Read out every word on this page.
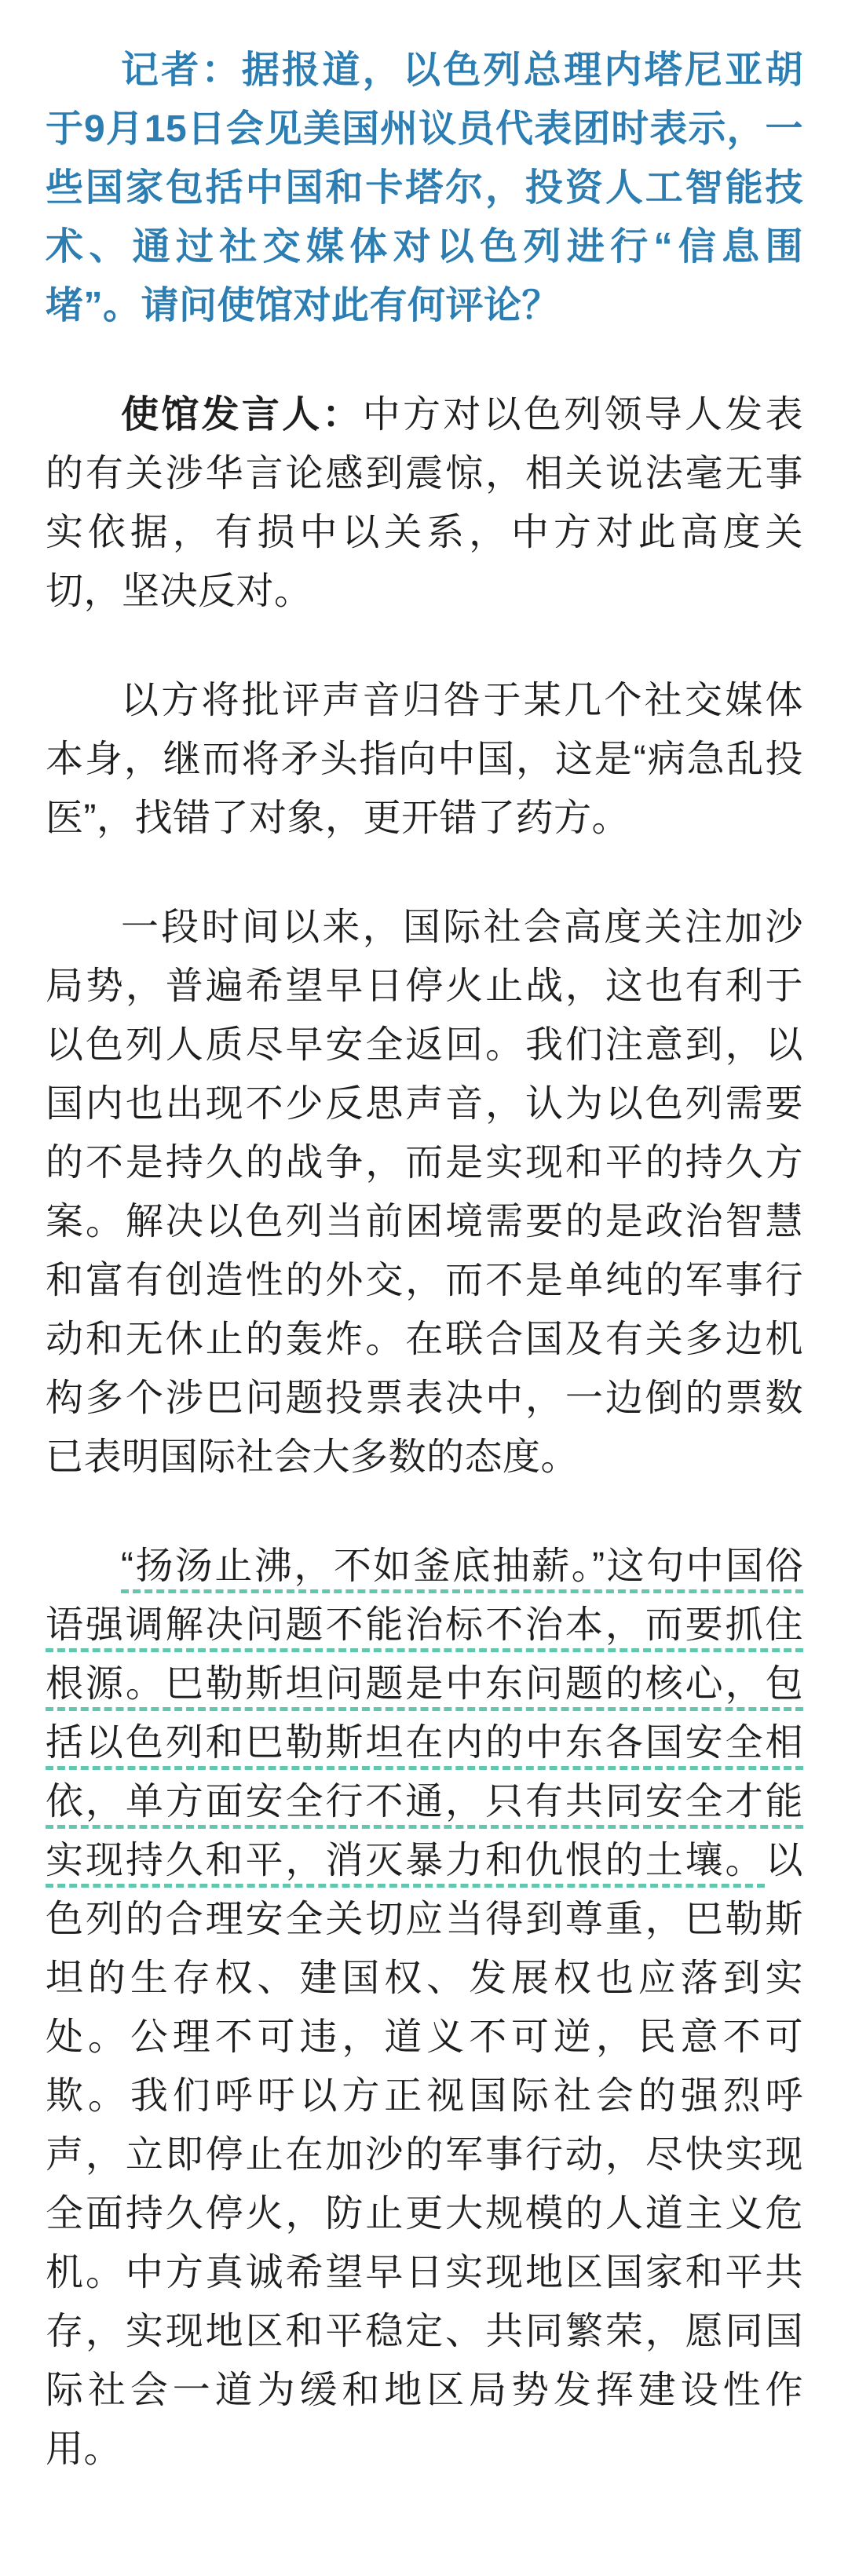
记者：据报道，以色列总理内塔尼亚胡于9月15日会见美国州议员代表团时表示，一些国家包括中国和卡塔尔，投资人工智能技术、通过社交媒体对以色列进行“信息围堵”。请问使馆对此有何评论？

使馆发言人：中方对以色列领导人发表的有关涉华言论感到震惊，相关说法毫无事实依据，有损中以关系，中方对此高度关切，坚决反对。

以方将批评声音归咎于某几个社交媒体本身，继而将矛头指向中国，这是“病急乱投医”，找错了对象，更开错了药方。

一段时间以来，国际社会高度关注加沙局势，普遍希望早日停火止战，这也有利于以色列人质尽早安全返回。我们注意到，以国内也出现不少反思声音，认为以色列需要的不是持久的战争，而是实现和平的持久方案。解决以色列当前困境需要的是政治智慧和富有创造性的外交，而不是单纯的军事行动和无休止的轰炸。在联合国及有关多边机构多个涉巴问题投票表决中，一边倒的票数已表明国际社会大多数的态度。

“扬汤止沸，不如釜底抽薪。”这句中国俗语强调解决问题不能治标不治本，而要抓住根源。巴勒斯坦问题是中东问题的核心，包括以色列和巴勒斯坦在内的中东各国安全相依，单方面安全行不通，只有共同安全才能实现持久和平，消灭暴力和仇恨的土壤。以色列的合理安全关切应当得到尊重，巴勒斯坦的生存权、建国权、发展权也应落到实处。公理不可违，道义不可逆，民意不可欺。我们呼吁以方正视国际社会的强烈呼声，立即停止在加沙的军事行动，尽快实现全面持久停火，防止更大规模的人道主义危机。中方真诚希望早日实现地区国家和平共存，实现地区和平稳定、共同繁荣，愿同国际社会一道为缓和地区局势发挥建设性作用。
